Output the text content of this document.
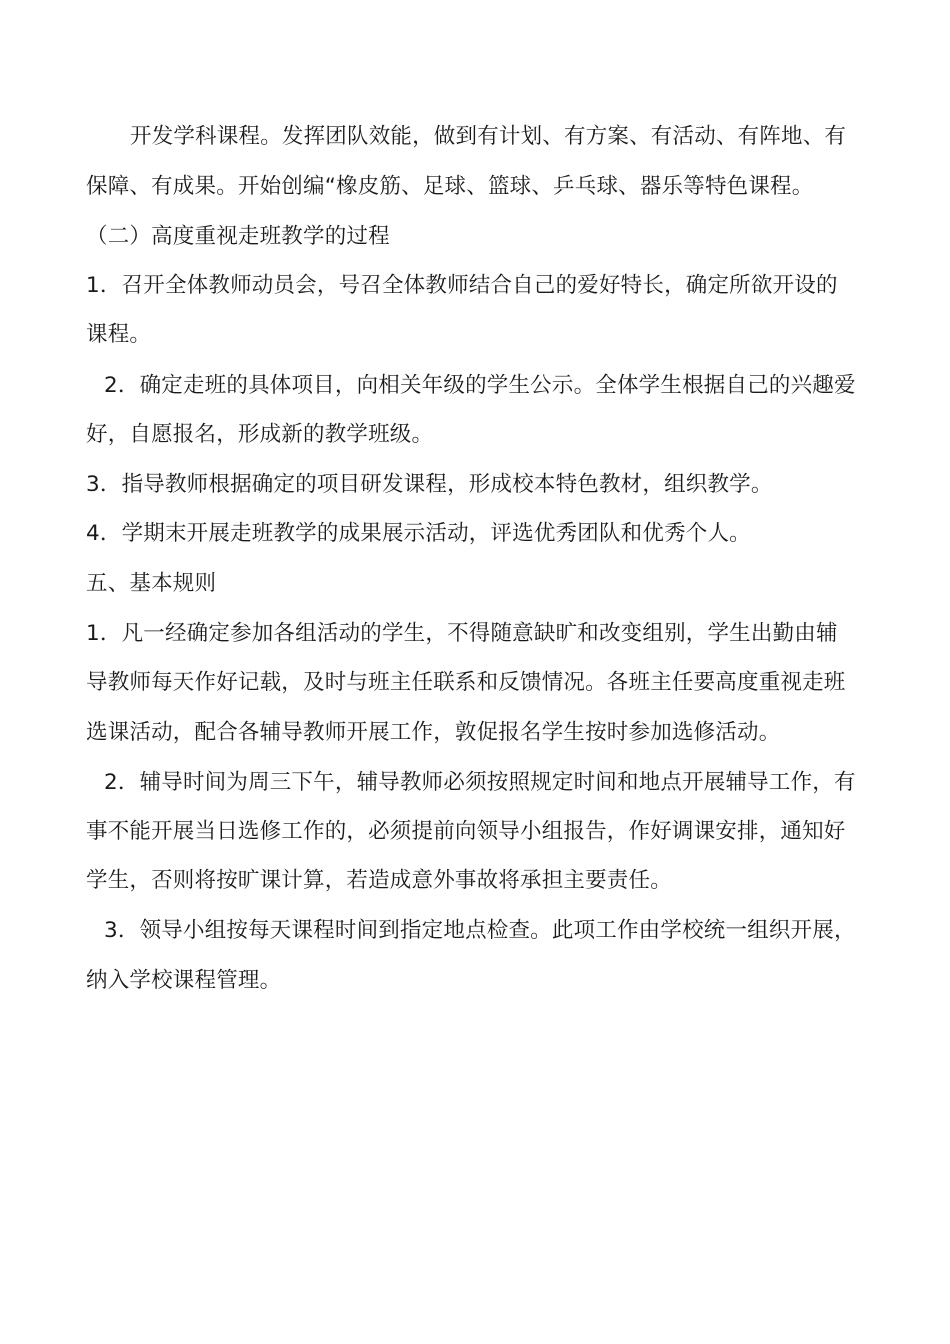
开发学科课程。发挥团队效能，做到有计划、有方案、有活动、有阵地、有
保障、有成果。开始创编“橡皮筋、足球、篮球、乒乓球、器乐等特色课程。
（二）高度重视走班教学的过程
1．召开全体教师动员会，号召全体教师结合自己的爱好特长，确定所欲开设的
课程。
2．确定走班的具体项目，向相关年级的学生公示。全体学生根据自己的兴趣爱
好，自愿报名，形成新的教学班级。
3．指导教师根据确定的项目研发课程，形成校本特色教材，组织教学。
4．学期末开展走班教学的成果展示活动，评选优秀团队和优秀个人。
五、基本规则
1．凡一经确定参加各组活动的学生，不得随意缺旷和改变组别，学生出勤由辅
导教师每天作好记载，及时与班主任联系和反馈情况。各班主任要高度重视走班
选课活动，配合各辅导教师开展工作，敦促报名学生按时参加选修活动。
2．辅导时间为周三下午，辅导教师必须按照规定时间和地点开展辅导工作，有
事不能开展当日选修工作的，必须提前向领导小组报告，作好调课安排，通知好
学生，否则将按旷课计算，若造成意外事故将承担主要责任。
3．领导小组按每天课程时间到指定地点检查。此项工作由学校统一组织开展，
纳入学校课程管理。
